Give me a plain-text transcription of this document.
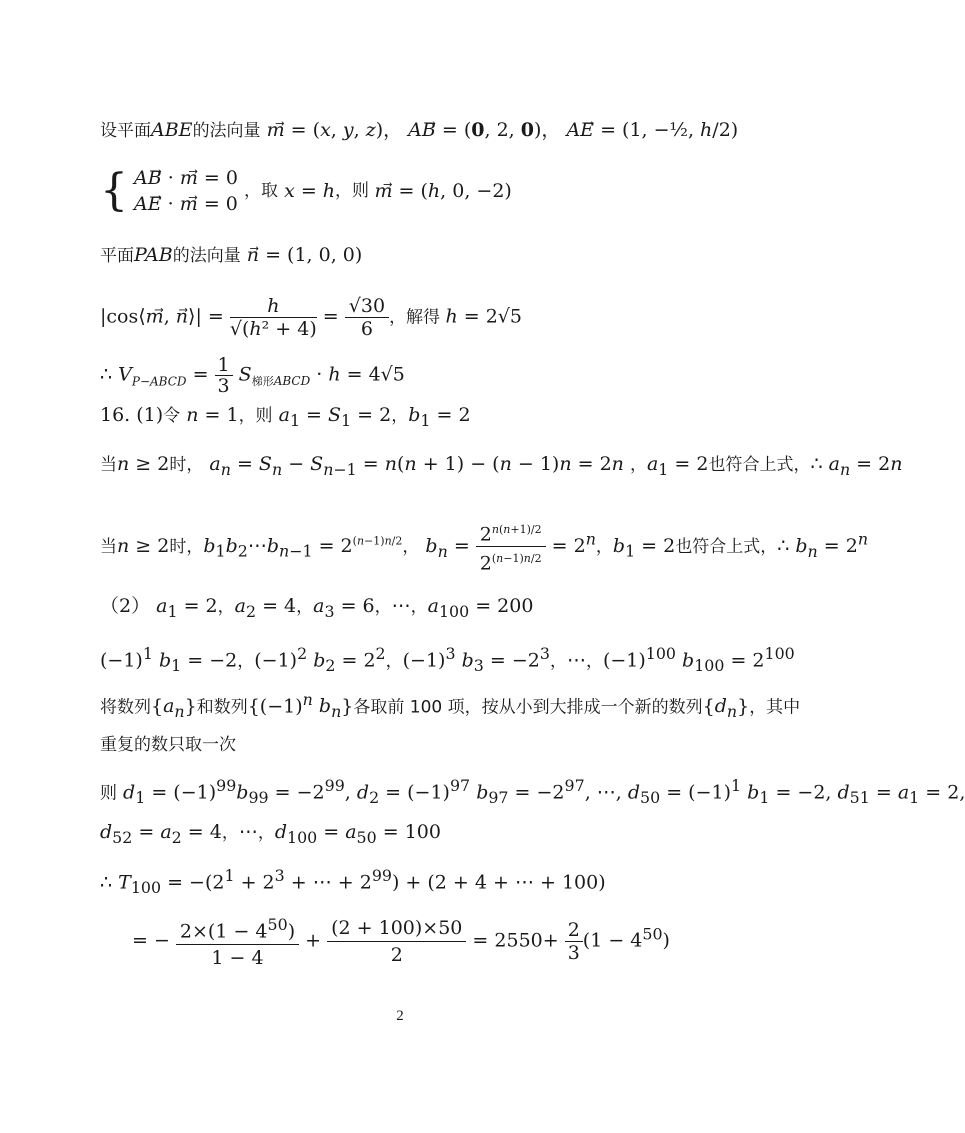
设平面ABE的法向量 m⃗ = (x, y, z)， AB⃗ = (0, 2, 0)， AE⃗ = (1, −½, h/2)
{ AB⃗ · m⃗ = 0
AE⃗ · m⃗ = 0 ，取 x = h，则 m⃗ = (h, 0, −2)
平面PAB的法向量 n⃗ = (1, 0, 0)
|cos⟨m⃗, n⃗⟩| = $\frac{h}{\text{√(h² + 4)}} = \frac{√30}{6}$ ，解得 h = 2√5
∴ $V_{P-ABCD} = \frac{1}{3} S_{梯形ABCD} \cdot h = 4√5$
16. (1)令 n = 1，则 $a_1 = S_1 = 2$，$b_1 = 2$
当n ≥ 2时， $a_n = S_n - S_{n-1} = n(n + 1) - (n - 1)n = 2n$ ，$a_1 = 2$也符合上式，∴ $a_n = 2n$
当n ≥ 2时，$b_1b_2\cdots b_{n-1} = 2^{(n-1)n/2}$， $b_n = \frac{2^{n(n+1)/2}}{2^{(n-1)n/2}} = 2^n$，$b_1 = 2$也符合上式，∴ $b_n = 2^n$
（2） $a_1 = 2$，$a_2 = 4$，$a_3 = 6$，⋯，$a_{100} = 200$
$(-1)^1$ $b_1 = -2$，$(-1)^2$ $b_2 = 2^2$，$(-1)^3$ $b_3 = -2^3$，⋯，$(-1)^{100}$ $b_{100} = 2^{100}$
将数列$\{a_n\}$和数列{$(-1)^n$ $b_n$}各取前 100 项，按从小到大排成一个新的数列$\{d_n\}$，其中
重复的数只取一次
则 $d_1 = (-1)^{99}b_{99} = -2^{99}$, $d_2 = (-1)^{97}$ $b_{97} = -2^{97}$, ⋯, $d_{50} = (-1)^1$ $b_1 = -2$, $d_{51} = a_1 = 2$,
$d_{52} = a_2 = 4$，⋯，$d_{100} = a_{50} = 100$
∴ $T_{100} = -(2^1 + 2^3$ + ⋯ + $2^{99}) + (2 + 4$ + ⋯ + 100)
= − $\frac{2\times(1 - 4^{50})}{1 - 4} + \frac{(2 + 100)\times 50}{2} = 2550+ \frac{2}{3} (1 - 4^{50})$
2
